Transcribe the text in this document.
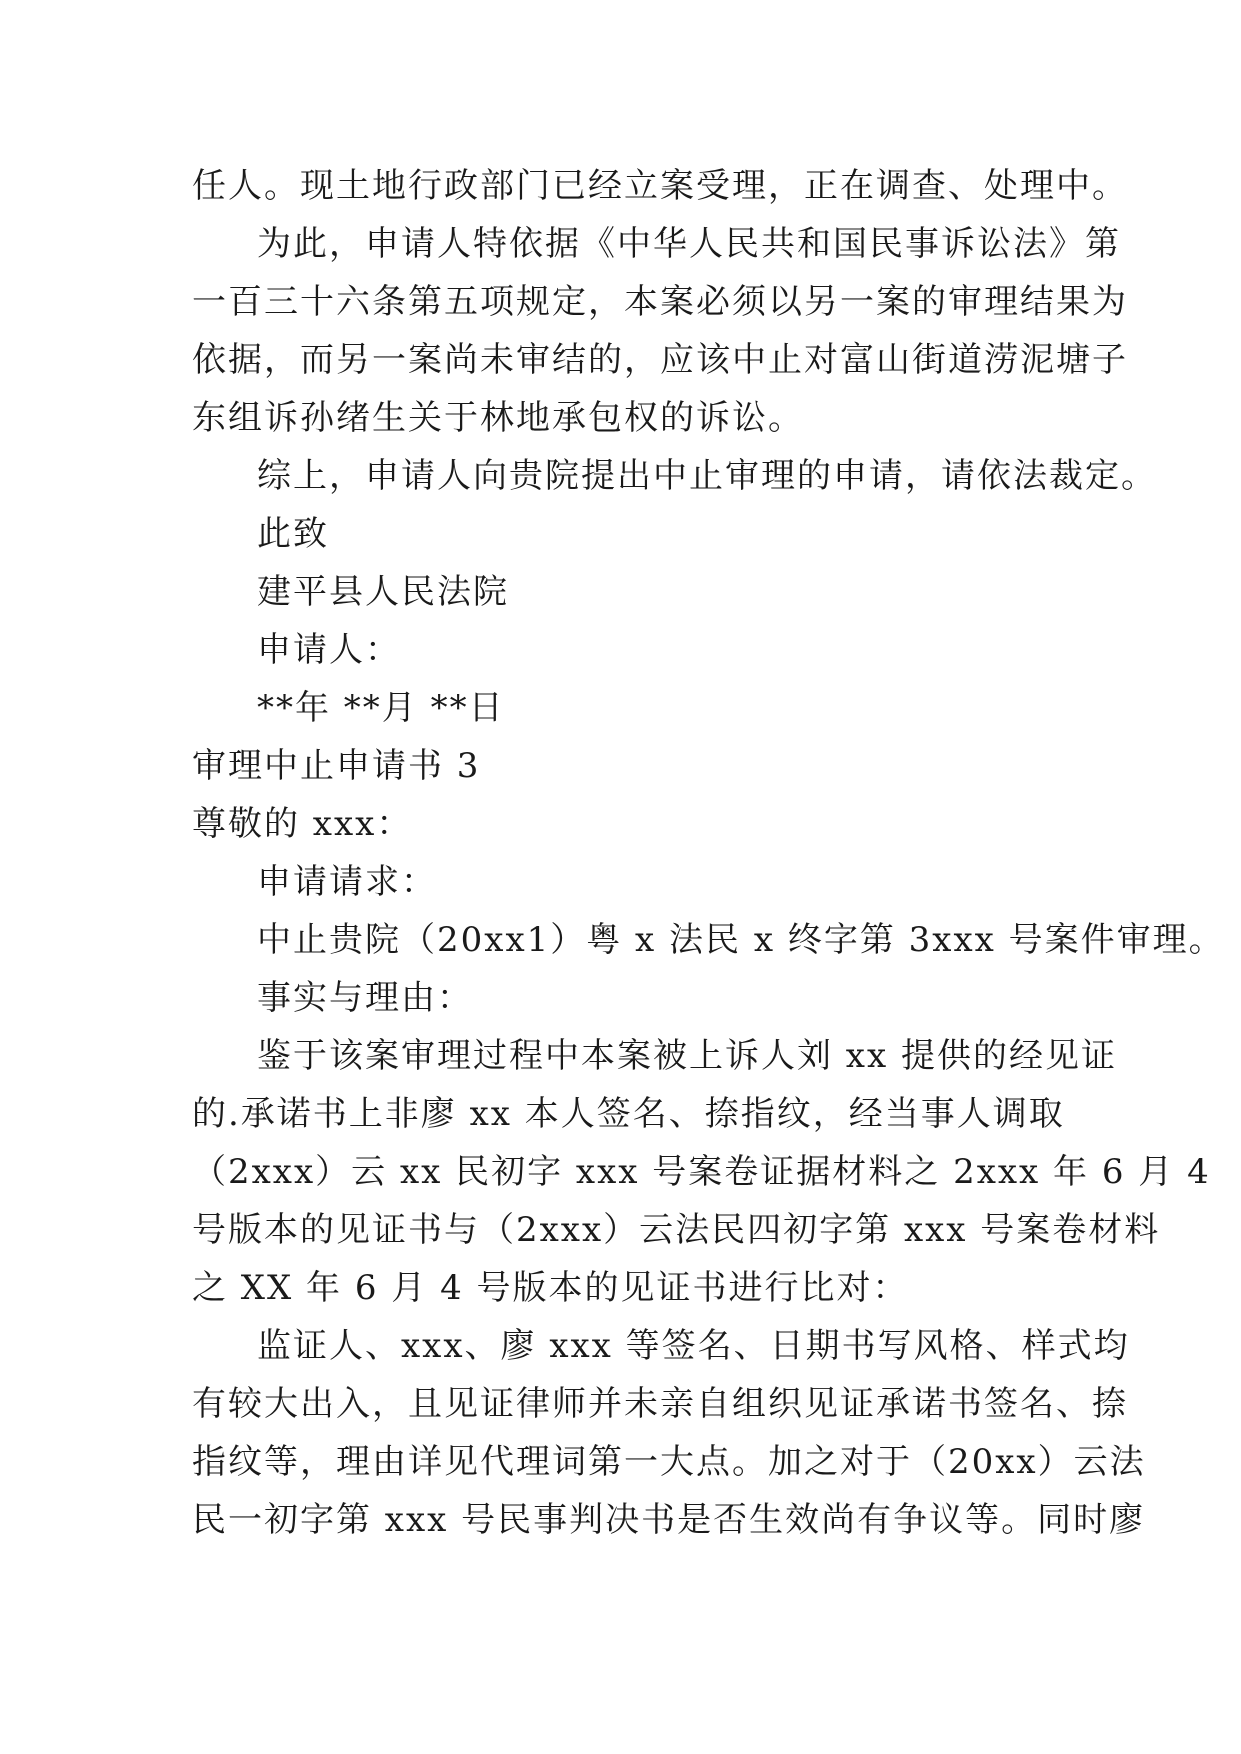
任人。现土地行政部门已经立案受理，正在调查、处理中。
为此，申请人特依据《中华人民共和国民事诉讼法》第
一百三十六条第五项规定，本案必须以另一案的审理结果为
依据，而另一案尚未审结的，应该中止对富山街道涝泥塘子
东组诉孙绪生关于林地承包权的诉讼。
综上，申请人向贵院提出中止审理的申请，请依法裁定。
此致
建平县人民法院
申请人：
**年 **月 **日
审理中止申请书 3
尊敬的 xxx：
申请请求：
中止贵院（20xx1）粤 x 法民 x 终字第 3xxx 号案件审理。
事实与理由：
鉴于该案审理过程中本案被上诉人刘 xx 提供的经见证
的.承诺书上非廖 xx 本人签名、捺指纹，经当事人调取
（2xxx）云 xx 民初字 xxx 号案卷证据材料之 2xxx 年 6 月 4
号版本的见证书与（2xxx）云法民四初字第 xxx 号案卷材料
之 XX 年 6 月 4 号版本的见证书进行比对：
监证人、xxx、廖 xxx 等签名、日期书写风格、样式均
有较大出入，且见证律师并未亲自组织见证承诺书签名、捺
指纹等，理由详见代理词第一大点。加之对于（20xx）云法
民一初字第 xxx 号民事判决书是否生效尚有争议等。同时廖
